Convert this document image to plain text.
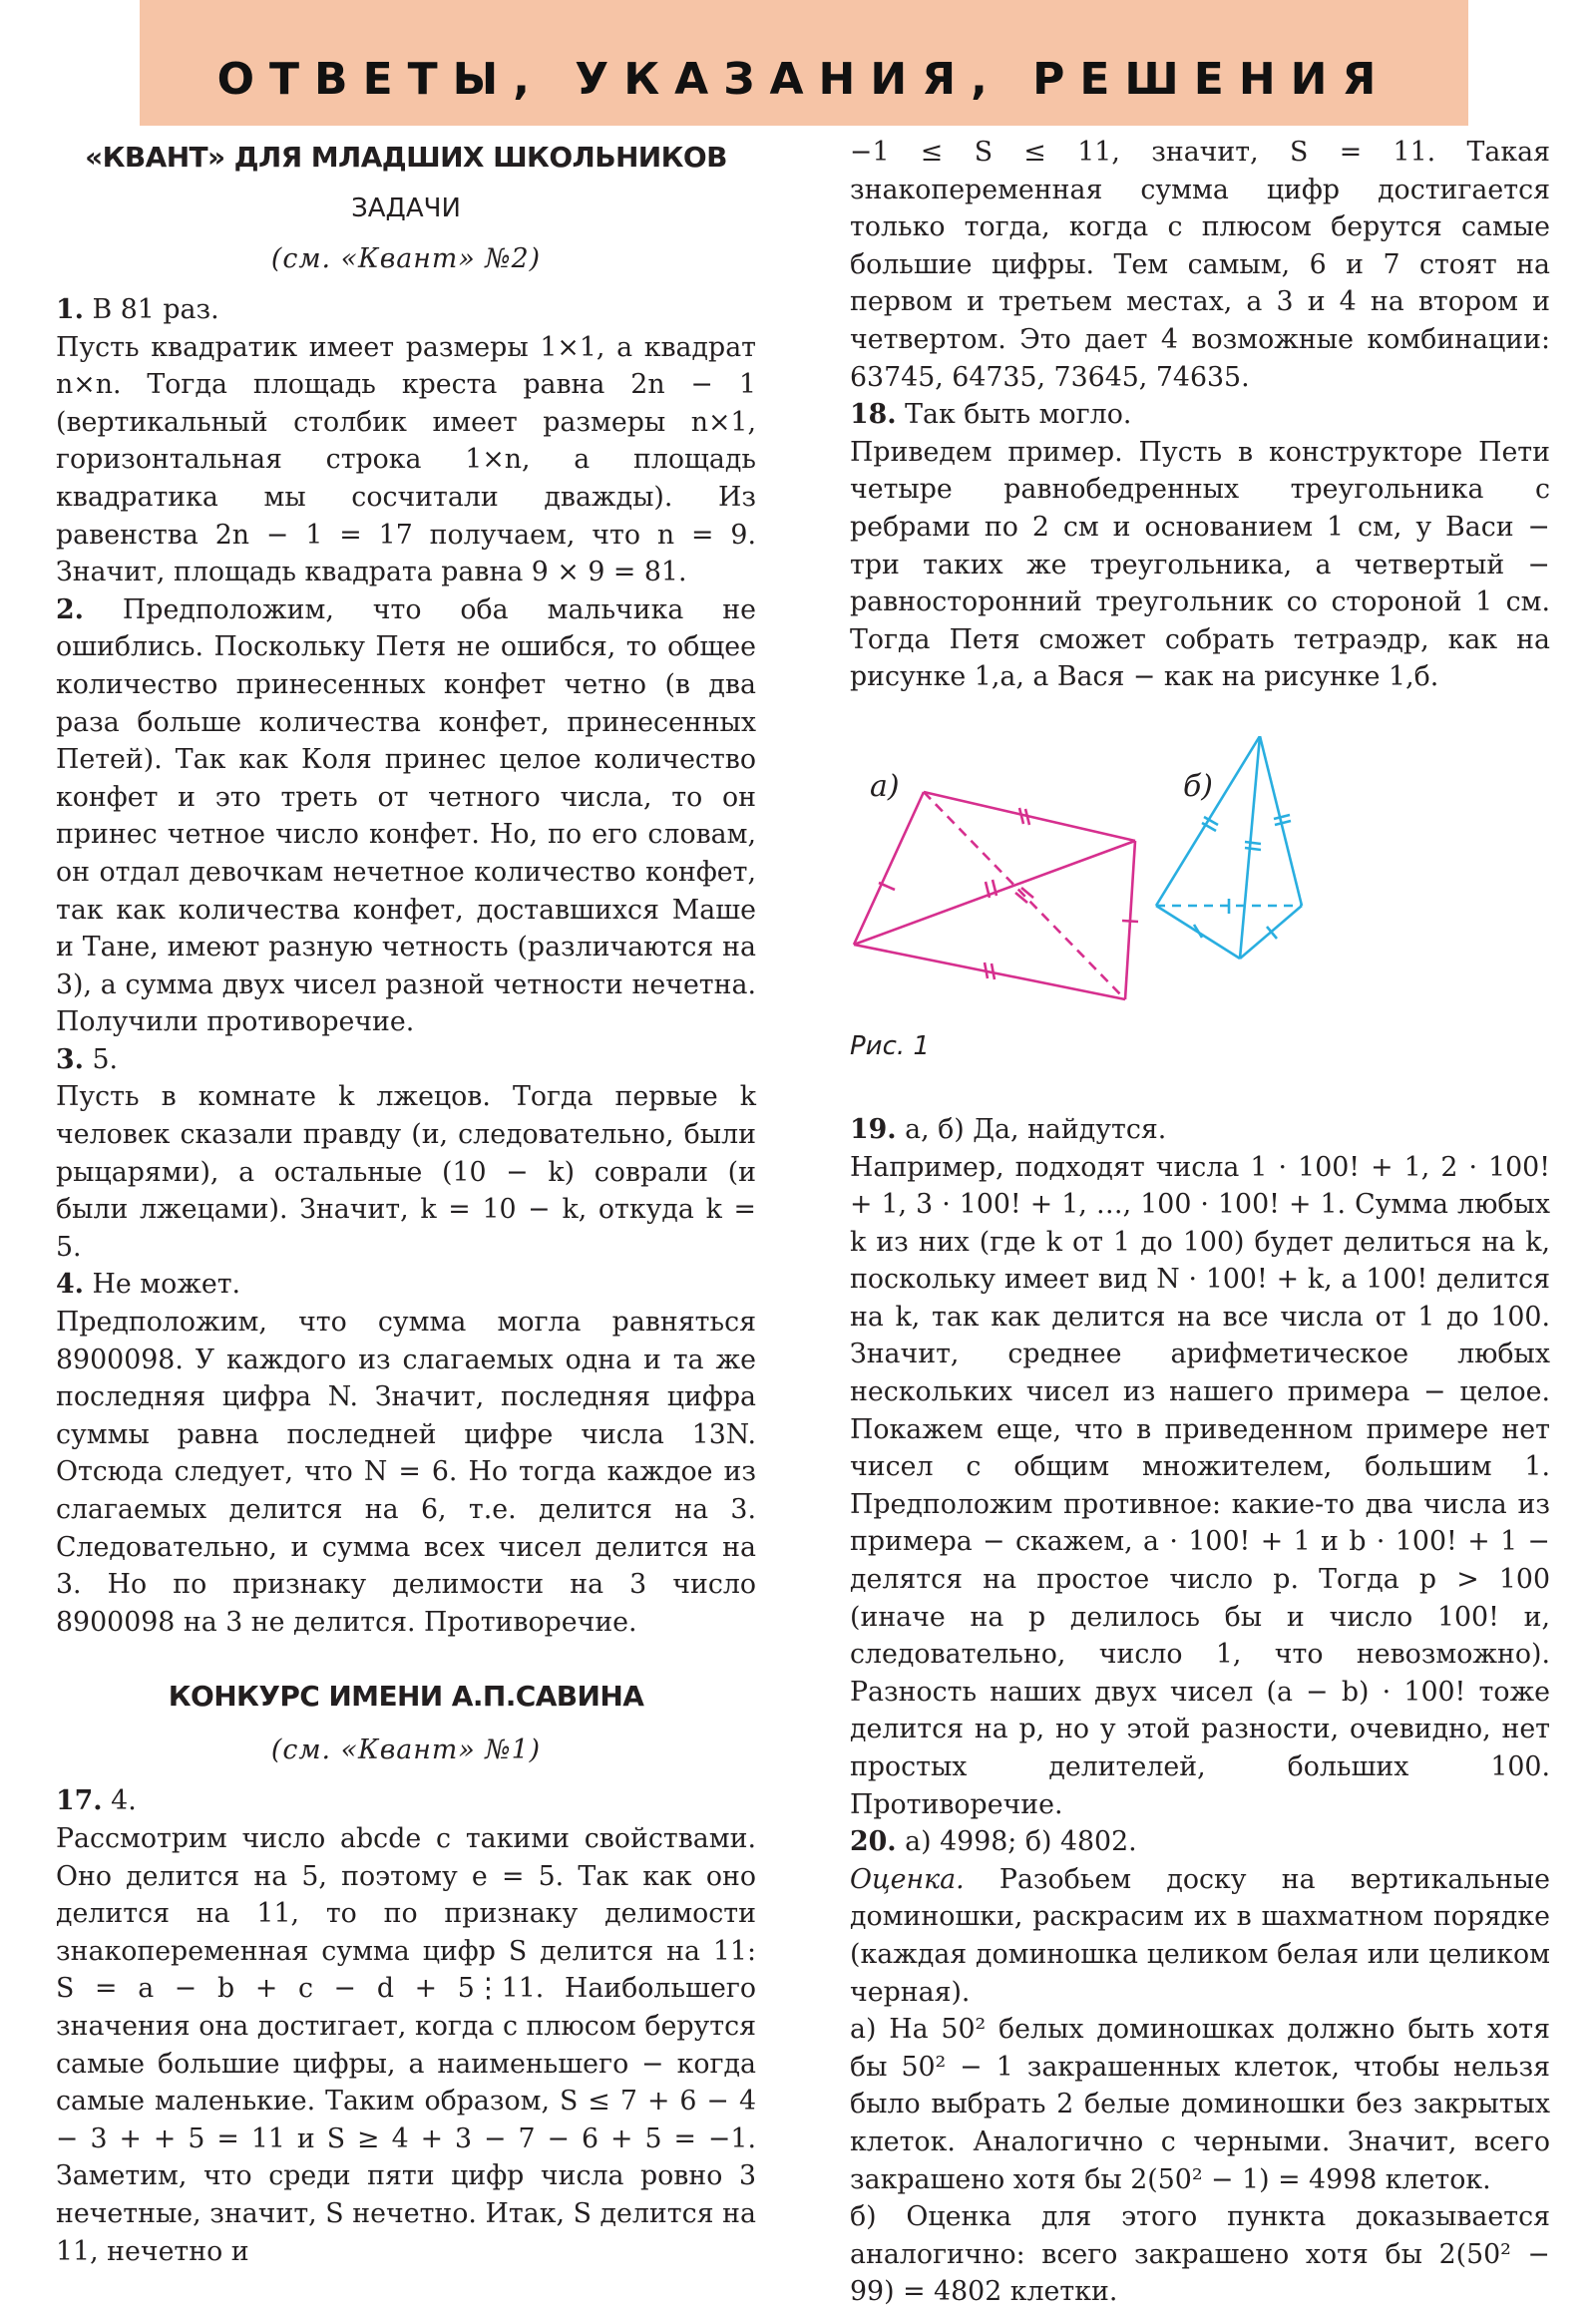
ОТВЕТЫ, УКАЗАНИЯ, РЕШЕНИЯ
«КВАНТ» ДЛЯ МЛАДШИХ ШКОЛЬНИКОВ
ЗАДАЧИ
(см. «Квант» №2)

1. В 81 раз.

Пусть квадратик имеет размеры 1×1, а квадрат n×n. Тогда площадь креста равна 2n − 1 (вертикальный столбик имеет размеры n×1, горизонтальная строка 1×n, а площадь квадратика мы сосчитали дважды). Из равенства 2n − 1 = 17 получаем, что n = 9. Значит, площадь квадрата равна 9 × 9 = 81.

2. Предположим, что оба мальчика не ошиблись. Поскольку Петя не ошибся, то общее количество принесенных конфет четно (в два раза больше количества конфет, принесенных Петей). Так как Коля принес целое количество конфет и это треть от четного числа, то он принес четное число конфет. Но, по его словам, он отдал девочкам нечетное количество конфет, так как количества конфет, доставшихся Маше и Тане, имеют разную четность (различаются на 3), а сумма двух чисел разной четности нечетна. Получили противоречие.

3. 5.

Пусть в комнате k лжецов. Тогда первые k человек сказали правду (и, следовательно, были рыцарями), а остальные (10 − k) соврали (и были лжецами). Значит, k = 10 − k, откуда k = 5.

4. Не может.

Предположим, что сумма могла равняться 8900098. У каждого из слагаемых одна и та же последняя цифра N. Значит, последняя цифра суммы равна последней цифре числа 13N. Отсюда следует, что N = 6. Но тогда каждое из слагаемых делится на 6, т.е. делится на 3. Следовательно, и сумма всех чисел делится на 3. Но по признаку делимости на 3 число 8900098 на 3 не делится. Противоречие.

КОНКУРС ИМЕНИ А.П.САВИНА
(см. «Квант» №1)

17. 4.

Рассмотрим число abcde с такими свойствами. Оно делится на 5, поэтому e = 5. Так как оно делится на 11, то по признаку делимости знакопеременная сумма цифр S делится на 11: S = a − b + c − d + 5⋮11. Наибольшего значения она достигает, когда с плюсом берутся самые большие цифры, а наименьшего − когда самые маленькие. Таким образом, S ≤ 7 + 6 − 4 − 3 + + 5 = 11 и S ≥ 4 + 3 − 7 − 6 + 5 = −1. Заметим, что среди пяти цифр числа ровно 3 нечетные, значит, S нечетно. Итак, S делится на 11, нечетно и

−1 ≤ S ≤ 11, значит, S = 11. Такая знакопеременная сумма цифр достигается только тогда, когда с плюсом берутся самые большие цифры. Тем самым, 6 и 7 стоят на первом и третьем местах, а 3 и 4 на втором и четвертом. Это дает 4 возможные комбинации: 63745, 64735, 73645, 74635.

18. Так быть могло.

Приведем пример. Пусть в конструкторе Пети четыре равнобедренных треугольника с ребрами по 2 см и основанием 1 см, у Васи − три таких же треугольника, а четвертый − равносторонний треугольник со стороной 1 см. Тогда Петя сможет собрать тетраэдр, как на рисунке 1,а, а Вася − как на рисунке 1,б.

а)	б)
Рис. 1

19. а, б) Да, найдутся.

Например, подходят числа 1 · 100! + 1, 2 · 100! + 1, 3 · 100! + 1, …, 100 · 100! + 1. Сумма любых k из них (где k от 1 до 100) будет делиться на k, поскольку имеет вид N · 100! + k, а 100! делится на k, так как делится на все числа от 1 до 100. Значит, среднее арифметическое любых нескольких чисел из нашего примера − целое. Покажем еще, что в приведенном примере нет чисел с общим множителем, большим 1. Предположим противное: какие-то два числа из примера − скажем, a · 100! + 1 и b · 100! + 1 − делятся на простое число p. Тогда p > 100 (иначе на p делилось бы и число 100! и, следовательно, число 1, что невозможно). Разность наших двух чисел (a − b) · 100! тоже делится на p, но у этой разности, очевидно, нет простых делителей, больших 100. Противоречие.

20. а) 4998; б) 4802.

Оценка. Разобьем доску на вертикальные доминошки, раскрасим их в шахматном порядке (каждая доминошка целиком белая или целиком черная).

а) На 50² белых доминошках должно быть хотя бы 50² − 1 закрашенных клеток, чтобы нельзя было выбрать 2 белые доминошки без закрытых клеток. Аналогично с черными. Значит, всего закрашено хотя бы 2(50² − 1) = 4998 клеток.

б) Оценка для этого пункта доказывается аналогично: всего закрашено хотя бы 2(50² − 99) = 4802 клетки.
